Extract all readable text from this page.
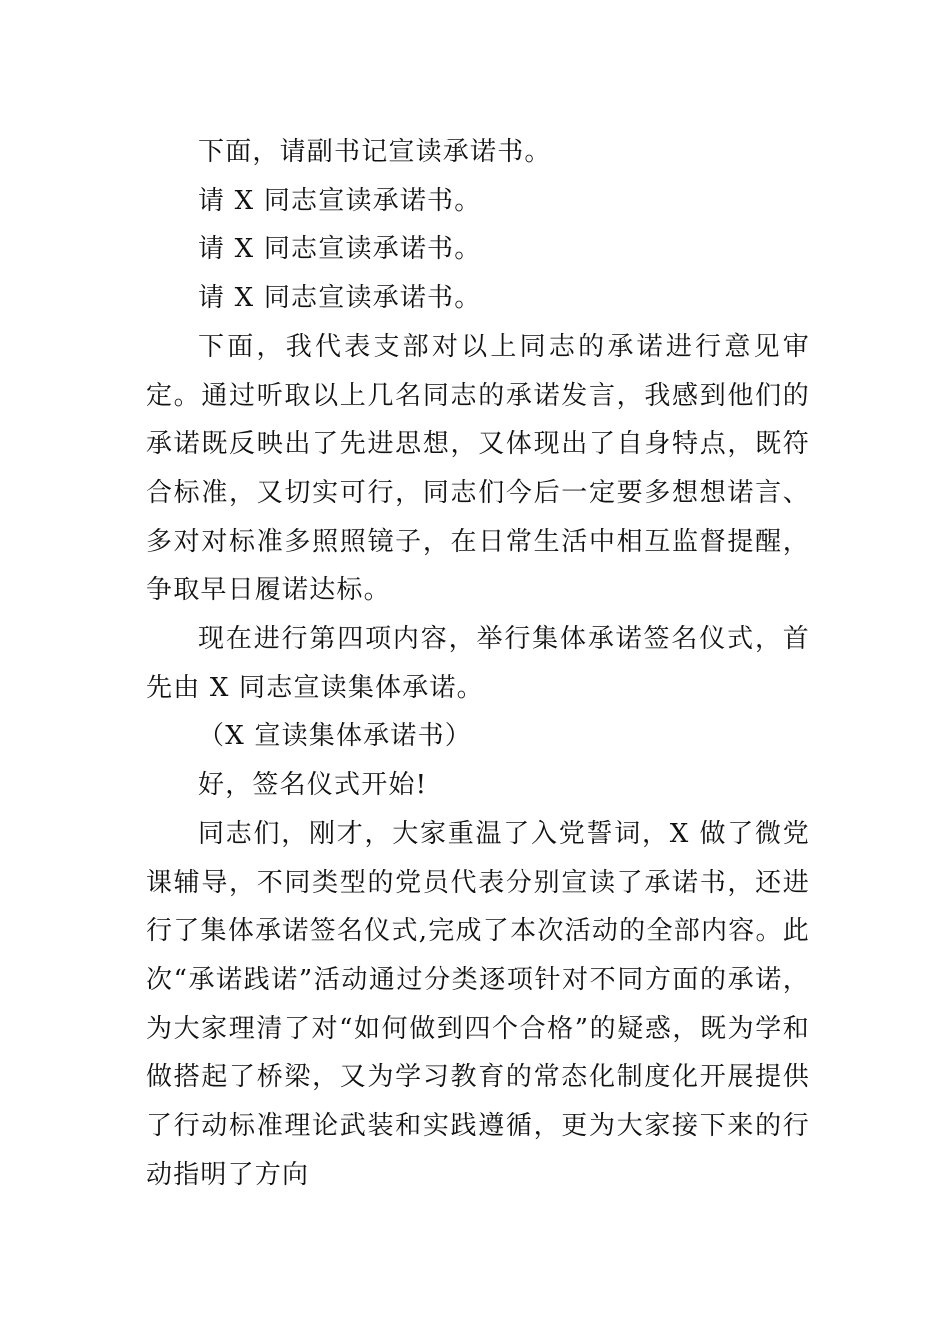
下面，请副书记宣读承诺书。

请 X 同志宣读承诺书。

请 X 同志宣读承诺书。

请 X 同志宣读承诺书。

下面，我代表支部对以上同志的承诺进行意见审定。通过听取以上几名同志的承诺发言，我感到他们的承诺既反映出了先进思想，又体现出了自身特点，既符合标准，又切实可行，同志们今后一定要多想想诺言、多对对标准多照照镜子，在日常生活中相互监督提醒，争取早日履诺达标。

现在进行第四项内容，举行集体承诺签名仪式，首先由 X 同志宣读集体承诺。

（X 宣读集体承诺书）

好，签名仪式开始!

同志们，刚才，大家重温了入党誓词，X 做了微党课辅导，不同类型的党员代表分别宣读了承诺书，还进行了集体承诺签名仪式,完成了本次活动的全部内容。此次“承诺践诺”活动通过分类逐项针对不同方面的承诺，为大家理清了对“如何做到四个合格”的疑惑，既为学和做搭起了桥梁，又为学习教育的常态化制度化开展提供了行动标准理论武装和实践遵循，更为大家接下来的行动指明了方向
